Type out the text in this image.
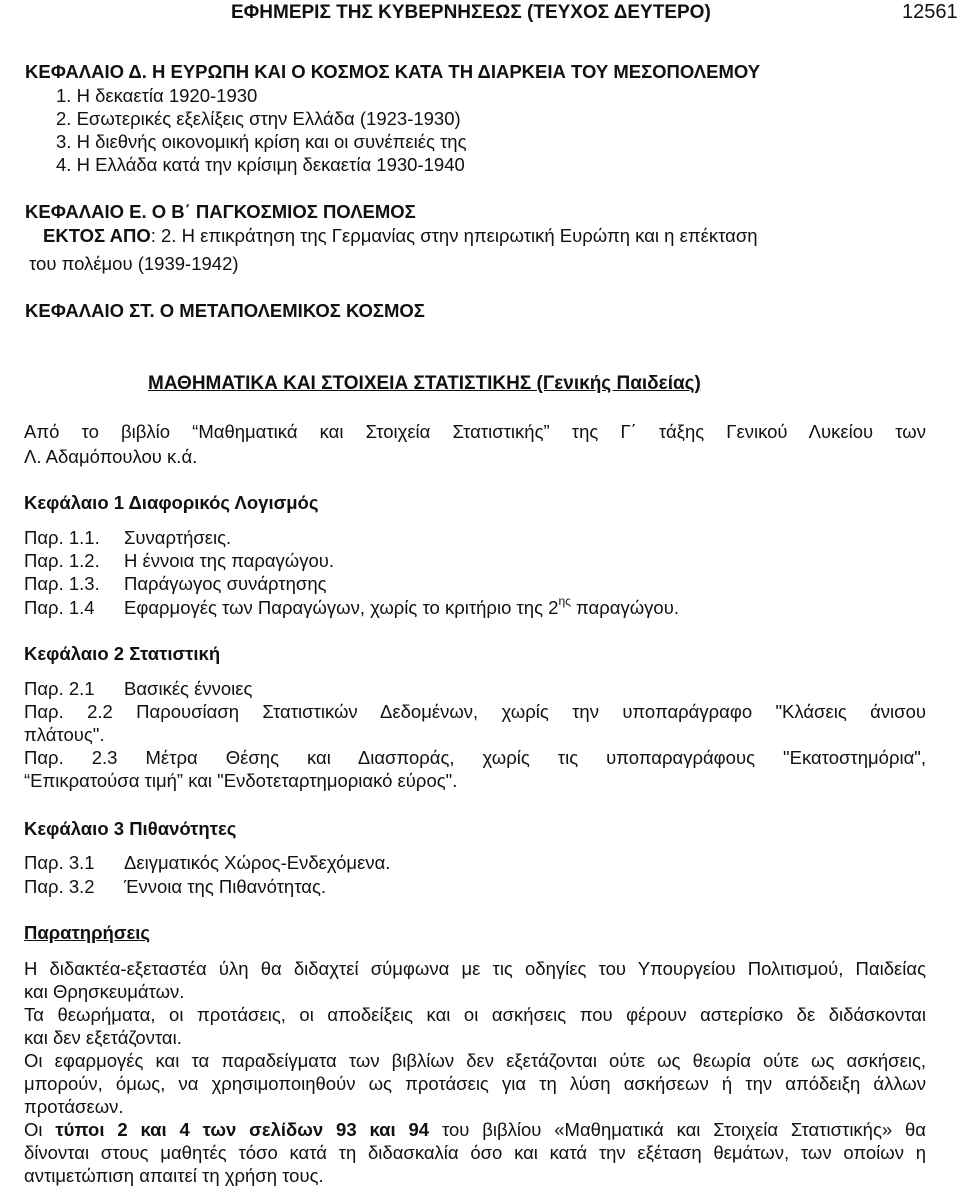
ΕΦΗΜΕΡΙΣ ΤΗΣ ΚΥΒΕΡΝΗΣΕΩΣ (ΤΕΥΧΟΣ ΔΕΥΤΕΡΟ)	12561
ΚΕΦΑΛΑΙΟ Δ. Η ΕΥΡΩΠΗ ΚΑΙ Ο ΚΟΣΜΟΣ ΚΑΤΑ ΤΗ ΔΙΑΡΚΕΙΑ ΤΟΥ ΜΕΣΟΠΟΛΕΜΟΥ
1. Η δεκαετία 1920-1930
2. Εσωτερικές εξελίξεις στην Ελλάδα (1923-1930)
3. Η διεθνής οικονομική κρίση και οι συνέπειές της
4. Η Ελλάδα κατά την κρίσιμη δεκαετία 1930-1940
ΚΕΦΑΛΑΙΟ Ε. Ο Β΄ ΠΑΓΚΟΣΜΙΟΣ ΠΟΛΕΜΟΣ
ΕΚΤΟΣ ΑΠΟ: 2. Η επικράτηση της Γερμανίας στην ηπειρωτική Ευρώπη και η επέκταση
του πολέμου (1939-1942)
ΚΕΦΑΛΑΙΟ ΣΤ. Ο ΜΕΤΑΠΟΛΕΜΙΚΟΣ ΚΟΣΜΟΣ
ΜΑΘΗΜΑΤΙΚΑ ΚΑΙ ΣΤΟΙΧΕΙΑ ΣΤΑΤΙΣΤΙΚΗΣ (Γενικής Παιδείας)
Από το βιβλίο “Μαθηματικά και Στοιχεία Στατιστικής” της Γ΄ τάξης Γενικού Λυκείου των
Λ. Αδαμόπουλου κ.ά.
Κεφάλαιο 1 Διαφορικός Λογισμός
Παρ. 1.1. Συναρτήσεις.
Παρ. 1.2. Η έννοια της παραγώγου.
Παρ. 1.3. Παράγωγος συνάρτησης
Παρ. 1.4 Εφαρμογές των Παραγώγων, χωρίς το κριτήριο της $2^{\eta\varsigma}$ παραγώγου.
Κεφάλαιο 2 Στατιστική
Παρ. 2.1 Βασικές έννοιες
Παρ. 2.2 Παρουσίαση Στατιστικών Δεδομένων, χωρίς την υποπαράγραφο "Κλάσεις άνισου
πλάτους".
Παρ. 2.3 Μέτρα Θέσης και Διασποράς, χωρίς τις υποπαραγράφους "Εκατοστημόρια",
“Επικρατούσα τιμή” και "Ενδοτεταρτημοριακό εύρος".
Κεφάλαιο 3 Πιθανότητες
Παρ. 3.1 Δειγματικός Χώρος-Ενδεχόμενα.
Παρ. 3.2 Έννοια της Πιθανότητας.
Παρατηρήσεις
Η διδακτέα-εξεταστέα ύλη θα διδαχτεί σύμφωνα με τις οδηγίες του Υπουργείου Πολιτισμού, Παιδείας
και Θρησκευμάτων.
Τα θεωρήματα, οι προτάσεις, οι αποδείξεις και οι ασκήσεις που φέρουν αστερίσκο δε διδάσκονται
και δεν εξετάζονται.
Οι εφαρμογές και τα παραδείγματα των βιβλίων δεν εξετάζονται ούτε ως θεωρία ούτε ως ασκήσεις,
μπορούν, όμως, να χρησιμοποιηθούν ως προτάσεις για τη λύση ασκήσεων ή την απόδειξη άλλων
προτάσεων.
Οι τύποι 2 και 4 των σελίδων 93 και 94 του βιβλίου «Μαθηματικά και Στοιχεία Στατιστικής» θα
δίνονται στους μαθητές τόσο κατά τη διδασκαλία όσο και κατά την εξέταση θεμάτων, των οποίων η
αντιμετώπιση απαιτεί τη χρήση τους.
